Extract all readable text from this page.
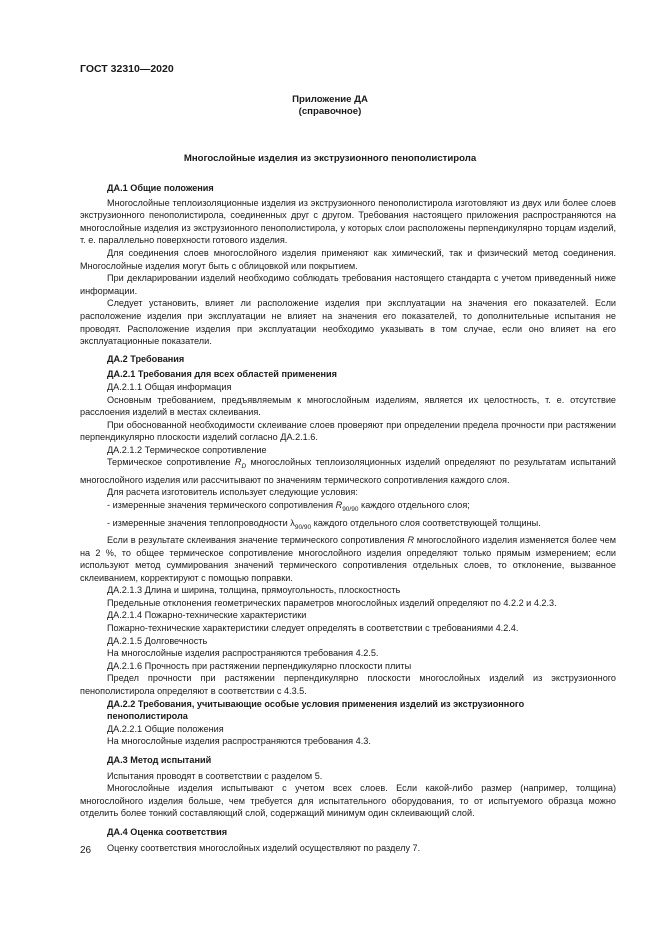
ГОСТ 32310—2020
Приложение ДА
(справочное)
Многослойные изделия из экструзионного пенополистирола

ДА.1 Общие положения

Многослойные теплоизоляционные изделия из экструзионного пенополистирола изготовляют из двух или более слоев экструзионного пенополистирола, соединенных друг с другом. Требования настоящего приложения распространяются на многослойные изделия из экструзионного пенополистирола, у которых слои расположены перпендикулярно торцам изделий, т. е. параллельно поверхности готового изделия.

Для соединения слоев многослойного изделия применяют как химический, так и физический метод соединения. Многослойные изделия могут быть с облицовкой или покрытием.

При декларировании изделий необходимо соблюдать требования настоящего стандарта с учетом приведенный ниже информации.

Следует установить, влияет ли расположение изделия при эксплуатации на значения его показателей. Если расположение изделия при эксплуатации не влияет на значения его показателей, то дополнительные испытания не проводят. Расположение изделия при эксплуатации необходимо указывать в том случае, если оно влияет на его эксплуатационные показатели.

ДА.2 Требования

ДА.2.1 Требования для всех областей применения

ДА.2.1.1 Общая информация

Основным требованием, предъявляемым к многослойным изделиям, является их целостность, т. е. отсутствие расслоения изделий в местах склеивания.

При обоснованной необходимости склеивание слоев проверяют при определении предела прочности при растяжении перпендикулярно плоскости изделий согласно ДА.2.1.6.

ДА.2.1.2 Термическое сопротивление

Термическое сопротивление $R_D$ многослойных теплоизоляционных изделий определяют по результатам испытаний многослойного изделия или рассчитывают по значениям термического сопротивления каждого слоя.

Для расчета изготовитель использует следующие условия:

- измеренные значения термического сопротивления $R_{90/90}$ каждого отдельного слоя;

- измеренные значения теплопроводности $\lambda_{90/90}$ каждого отдельного слоя соответствующей толщины.

Если в результате склеивания значение термического сопротивления R многослойного изделия изменяется более чем на 2 %, то общее термическое сопротивление многослойного изделия определяют только прямым измерением; если используют метод суммирования значений термического сопротивления отдельных слоев, то отклонение, вызванное склеиванием, корректируют с помощью поправки.

ДА.2.1.3 Длина и ширина, толщина, прямоугольность, плоскостность

Предельные отклонения геометрических параметров многослойных изделий определяют по 4.2.2 и 4.2.3.

ДА.2.1.4 Пожарно-технические характеристики

Пожарно-технические характеристики следует определять в соответствии с требованиями 4.2.4.

ДА.2.1.5 Долговечность

На многослойные изделия распространяются требования 4.2.5.

ДА.2.1.6 Прочность при растяжении перпендикулярно плоскости плиты

Предел прочности при растяжении перпендикулярно плоскости многослойных изделий из экструзионного пенополистирола определяют в соответствии с 4.3.5.

ДА.2.2 Требования, учитывающие особые условия применения изделий из экструзионного
пенополистирола

ДА.2.2.1 Общие положения

На многослойные изделия распространяются требования 4.3.

ДА.3 Метод испытаний

Испытания проводят в соответствии с разделом 5.

Многослойные изделия испытывают с учетом всех слоев. Если какой-либо размер (например, толщина) многослойного изделия больше, чем требуется для испытательного оборудования, то от испытуемого образца можно отделить более тонкий составляющий слой, содержащий минимум один склеивающий слой.

ДА.4 Оценка соответствия

Оценку соответствия многослойных изделий осуществляют по разделу 7.

26
